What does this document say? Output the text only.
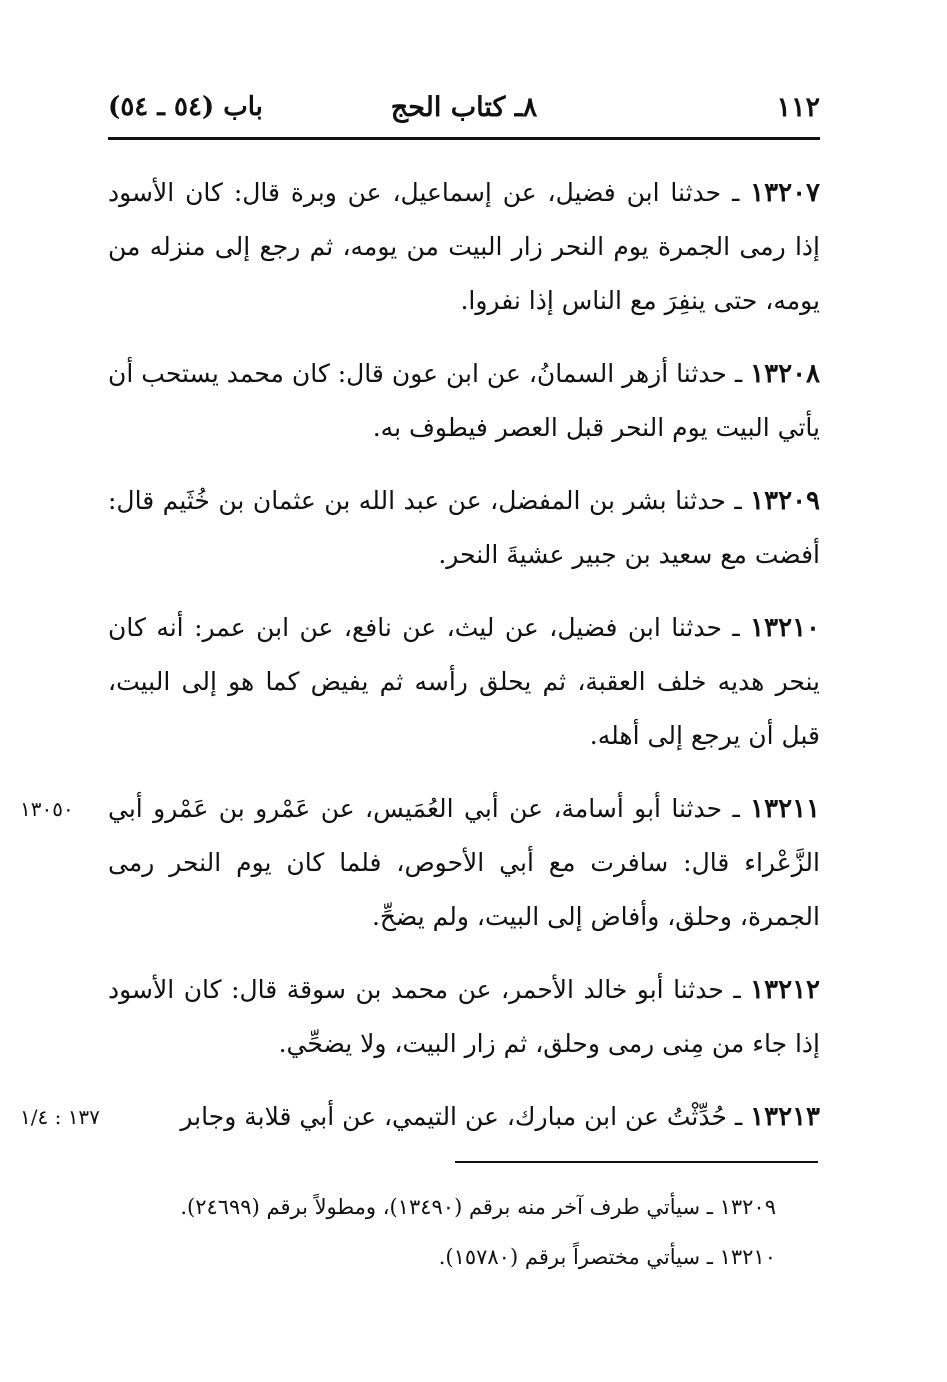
١١٢
٨ـ كتاب الحج
باب (٥٤ ـ ٥٤)
١٣٢٠٧ ـ حدثنا ابن فضيل، عن إسماعيل، عن وبرة قال: كان الأسود إذا رمى الجمرة يوم النحر زار البيت من يومه، ثم رجع إلى منزله من يومه، حتى ينفِرَ مع الناس إذا نفروا.
١٣٢٠٨ ـ حدثنا أزهر السمانُ، عن ابن عون قال: كان محمد يستحب أن يأتي البيت يوم النحر قبل العصر فيطوف به.
١٣٢٠٩ ـ حدثنا بشر بن المفضل، عن عبد الله بن عثمان بن خُثَيم قال: أفضت مع سعيد بن جبير عشيةَ النحر.
١٣٢١٠ ـ حدثنا ابن فضيل، عن ليث، عن نافع، عن ابن عمر: أنه كان ينحر هديه خلف العقبة، ثم يحلق رأسه ثم يفيض كما هو إلى البيت، قبل أن يرجع إلى أهله.
١٣٠٥٠	١٣٢١١ ـ حدثنا أبو أسامة، عن أبي العُمَيس، عن عَمْرو بن عَمْرو أبي الزَّعْراء قال: سافرت مع أبي الأحوص، فلما كان يوم النحر رمى الجمرة، وحلق، وأفاض إلى البيت، ولم يضحِّ.
١٣٢١٢ ـ حدثنا أبو خالد الأحمر، عن محمد بن سوقة قال: كان الأسود إذا جاء من مِنى رمى وحلق، ثم زار البيت، ولا يضحِّي.
١٣٧ : ١/٤	١٣٢١٣ ـ حُدِّثْتُ عن ابن مبارك، عن التيمي، عن أبي قلابة وجابر
١٣٢٠٩ ـ سيأتي طرف آخر منه برقم (١٣٤٩٠)، ومطولاً برقم (٢٤٦٩٩).
١٣٢١٠ ـ سيأتي مختصراً برقم (١٥٧٨٠).
